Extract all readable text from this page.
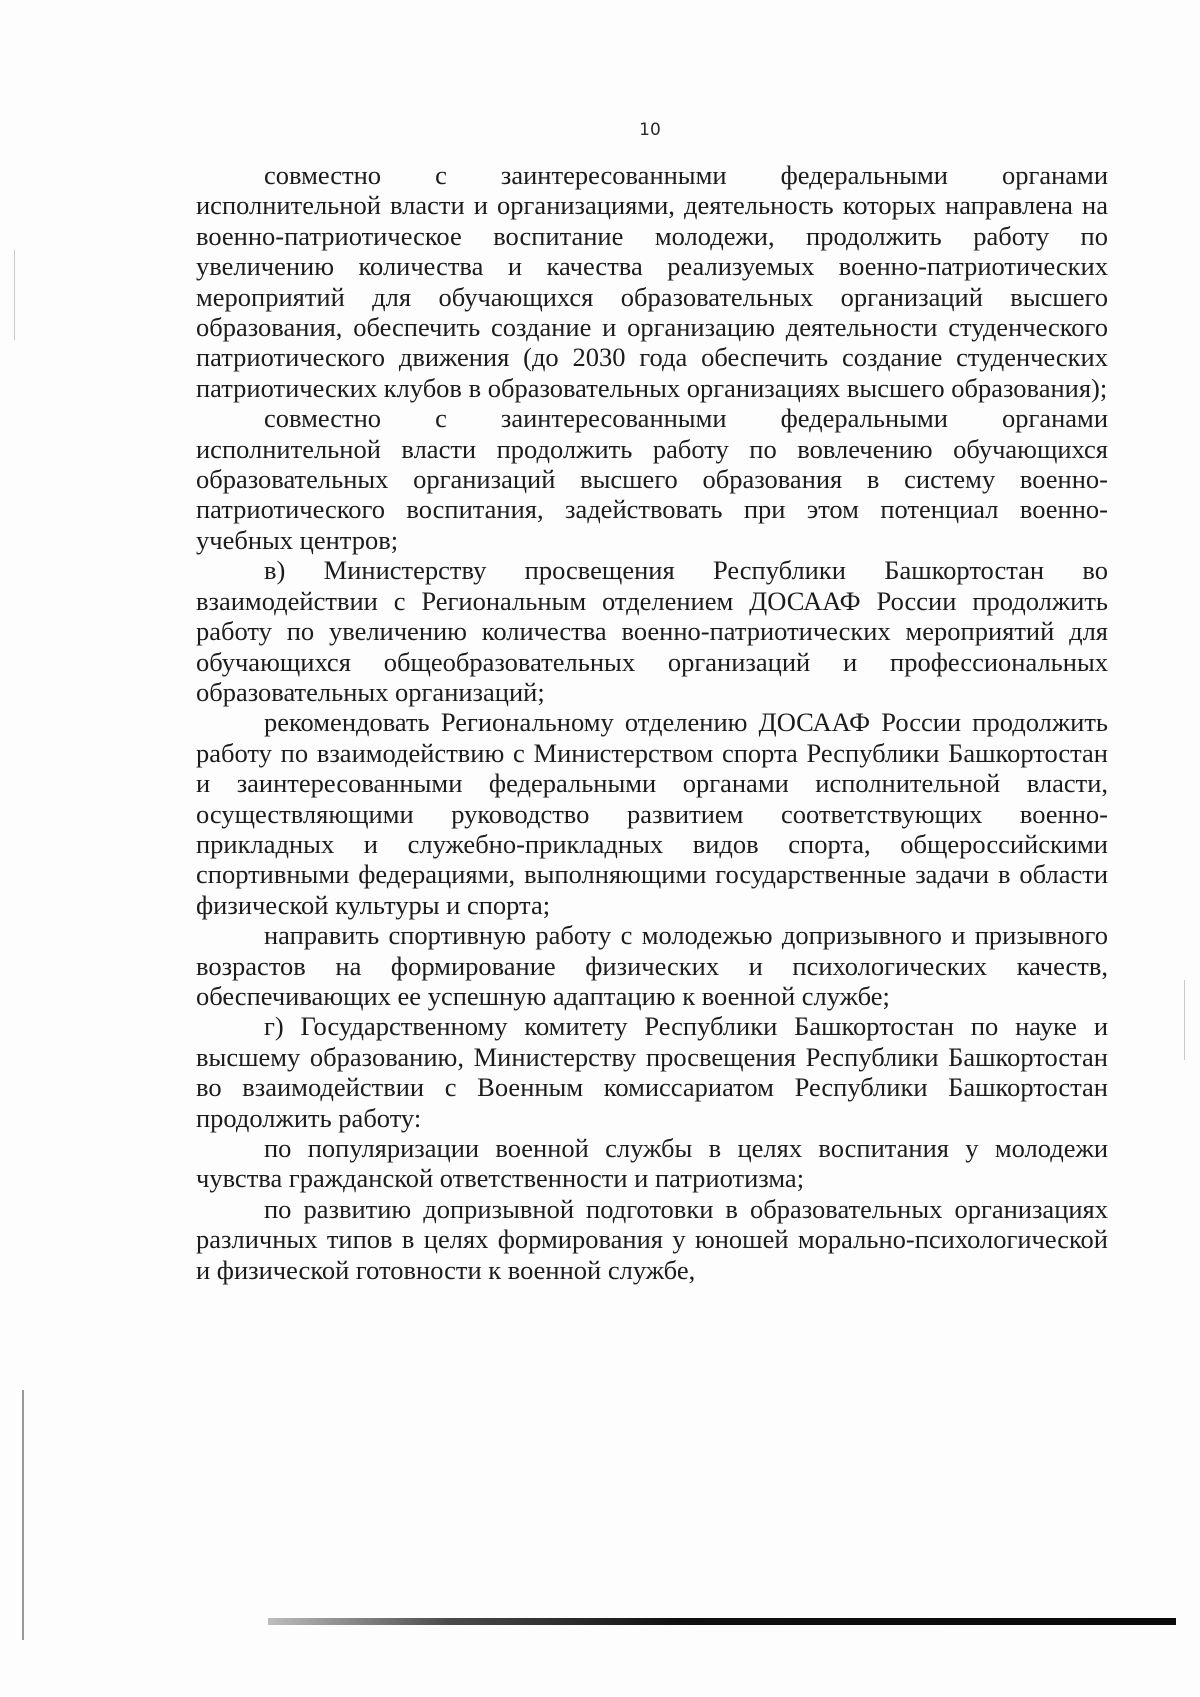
10

совместно с заинтересованными федеральными органами исполнительной власти и организациями, деятельность которых направлена на военно-патриотическое воспитание молодежи, продолжить работу по увеличению количества и качества реализуемых военно-патриотических мероприятий для обучающихся образовательных организаций высшего образования, обеспечить создание и организацию деятельности студенческого патриотического движения (до 2030 года обеспечить создание студенческих патриотических клубов в образовательных организациях высшего образования);

совместно с заинтересованными федеральными органами исполнительной власти продолжить работу по вовлечению обучающихся образовательных организаций высшего образования в систему военно-патриотического воспитания, задействовать при этом потенциал военно-учебных центров;

в) Министерству просвещения Республики Башкортостан во взаимодействии с Региональным отделением ДОСААФ России продолжить работу по увеличению количества военно-патриотических мероприятий для обучающихся общеобразовательных организаций и профессиональных образовательных организаций;

рекомендовать Региональному отделению ДОСААФ России продолжить работу по взаимодействию с Министерством спорта Республики Башкортостан и заинтересованными федеральными органами исполнительной власти, осуществляющими руководство развитием соответствующих военно-прикладных и служебно-прикладных видов спорта, общероссийскими спортивными федерациями, выполняющими государственные задачи в области физической культуры и спорта;

направить спортивную работу с молодежью допризывного и призывного возрастов на формирование физических и психологических качеств, обеспечивающих ее успешную адаптацию к военной службе;

г) Государственному комитету Республики Башкортостан по науке и высшему образованию, Министерству просвещения Республики Башкортостан во взаимодействии с Военным комиссариатом Республики Башкортостан продолжить работу:

по популяризации военной службы в целях воспитания у молодежи чувства гражданской ответственности и патриотизма;

по развитию допризывной подготовки в образовательных организациях различных типов в целях формирования у юношей морально-психологической и физической готовности к военной службе,
